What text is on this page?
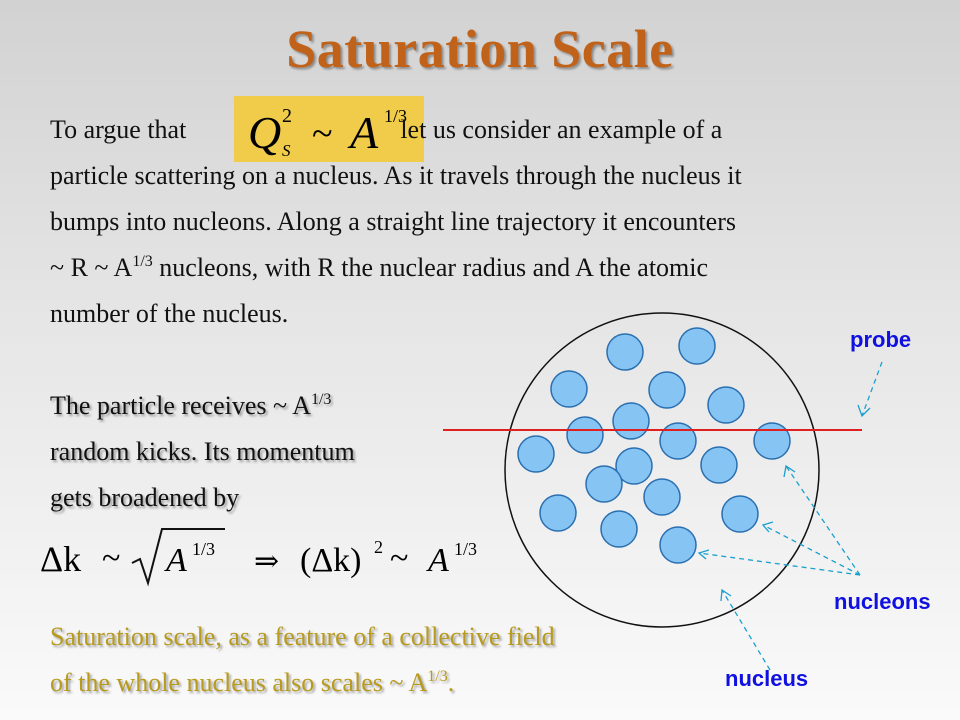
Saturation Scale
Q 2
S ~ A 1/3
To argue that	let us consider an example of a
particle scattering on a nucleus. As it travels through the nucleus it
bumps into nucleons. Along a straight line trajectory it encounters
~ R ~ $A^{1/3}$ nucleons, with R the nuclear radius and A the atomic
number of the nucleus.
The particle receives ~ $A^{1/3}$
random kicks. Its momentum
gets broadened by
Δk ~ A 1/3 ⇒ (Δk) 2 ~ A 1/3
Saturation scale, as a feature of a collective field
of the whole nucleus also scales ~ $A^{1/3}$.
probe
nucleons
nucleus
